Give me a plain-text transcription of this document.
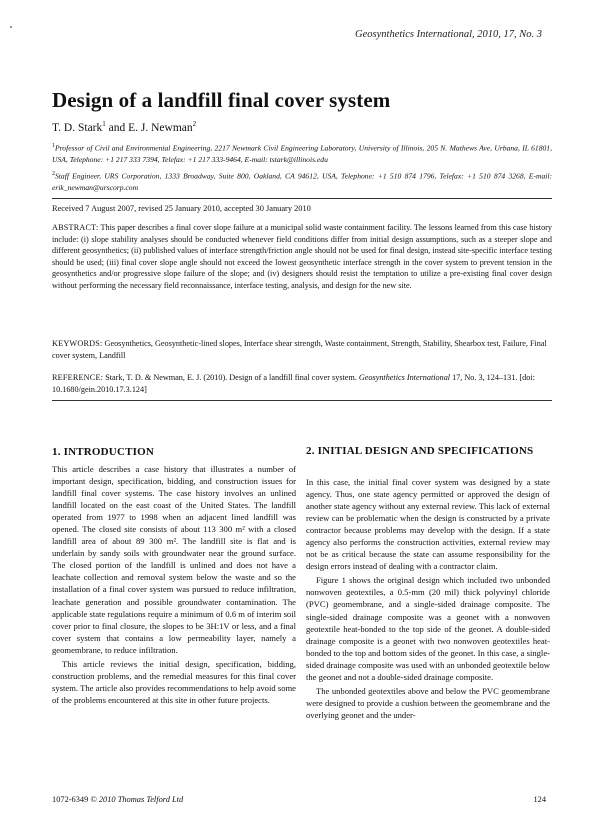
Geosynthetics International, 2010, 17, No. 3
Design of a landfill final cover system
T. D. Stark$^1$ and E. J. Newman$^2$
$^1$Professor of Civil and Environmental Engineering, 2217 Newmark Civil Engineering Laboratory, University of Illinois, 205 N. Mathews Ave, Urbana, IL 61801, USA, Telephone: +1 217 333 7394, Telefax: +1 217 333-9464, E-mail: tstark@illinois.edu
$^2$Staff Engineer, URS Corporation, 1333 Broadway, Suite 800, Oakland, CA 94612, USA, Telephone: +1 510 874 1796, Telefax: +1 510 874 3268, E-mail: erik_newman@urscorp.com
Received 7 August 2007, revised 25 January 2010, accepted 30 January 2010

ABSTRACT: This paper describes a final cover slope failure at a municipal solid waste containment facility. The lessons learned from this case history include: (i) slope stability analyses should be conducted whenever field conditions differ from initial design assumptions, such as a steeper slope and different geosynthetics; (ii) published values of interface strength/friction angle should not be used for final design, instead site-specific interface testing should be used; (iii) final cover slope angle should not exceed the lowest geosynthetic interface strength in the cover system to prevent tension in the geosynthetics and/or progressive slope failure of the slope; and (iv) designers should resist the temptation to utilize a pre-existing final cover design without performing the necessary field reconnaissance, interface testing, analysis, and design for the new site.

KEYWORDS: Geosynthetics, Geosynthetic-lined slopes, Interface shear strength, Waste containment, Strength, Stability, Shearbox test, Failure, Final cover system, Landfill

REFERENCE: Stark, T. D. & Newman, E. J. (2010). Design of a landfill final cover system. Geosynthetics International 17, No. 3, 124–131. [doi: 10.1680/gein.2010.17.3.124]

1. INTRODUCTION

This article describes a case history that illustrates a number of important design, specification, bidding, and construction issues for landfill final cover systems. The case history involves an unlined landfill located on the east coast of the United States. The landfill operated from 1977 to 1998 when an adjacent lined landfill was opened. The closed site consists of about 113 300 m² with a closed landfill area of about 89 300 m². The landfill site is flat and is underlain by sandy soils with groundwater near the ground surface. The closed portion of the landfill is unlined and does not have a leachate collection and removal system below the waste and so the installation of a final cover system was pursued to reduce infiltration, leachate generation and possible groundwater contamination. The applicable state regulations require a minimum of 0.6 m of interim soil cover prior to final closure, the slopes to be 3H:1V or less, and a final cover system that contains a low permeability layer, namely a geomembrane, to reduce infiltration.

This article reviews the initial design, specification, bidding, construction problems, and the remedial measures for this final cover system. The article also provides recommendations to help avoid some of the problems encountered at this site in other future projects.

2. INITIAL DESIGN AND SPECIFICATIONS

In this case, the initial final cover system was designed by a state agency. Thus, one state agency permitted or approved the design of another state agency without any external review. This lack of external review can be problematic when the design is constructed by a private contractor because problems may develop with the design. If a state agency also performs the construction activities, external review may not be as critical because the state can assume responsibility for the design errors instead of dealing with a contractor claim.

Figure 1 shows the original design which included two unbonded nonwoven geotextiles, a 0.5-mm (20 mil) thick polyvinyl chloride (PVC) geomembrane, and a single-sided drainage composite. The single-sided drainage composite was a geonet with a nonwoven geotextile heat-bonded to the top side of the geonet. A double-sided drainage composite is a geonet with two nonwoven geotextiles heat-bonded to the top and bottom sides of the geonet. In this case, a single-sided drainage composite was used with an unbonded geotextile below the geonet and not a double-sided drainage composite.

The unbonded geotextiles above and below the PVC geomembrane were designed to provide a cushion between the geomembrane and the overlying geonet and the under-

1072-6349 © 2010 Thomas Telford Ltd	124
